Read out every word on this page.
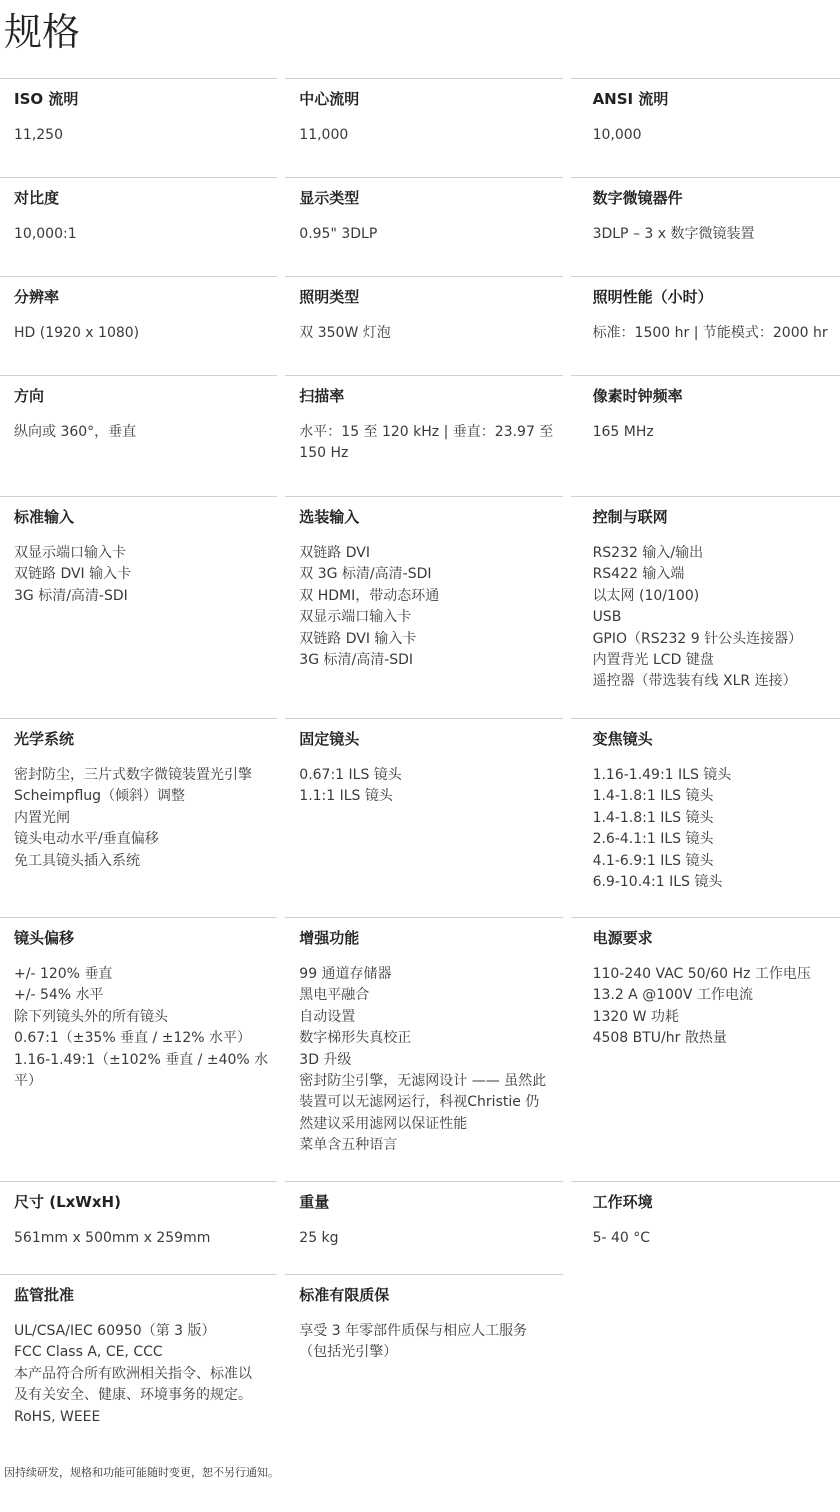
规格
ISO 流明
11,250
中心流明
11,000
ANSI 流明
10,000
对比度
10,000:1
显示类型
0.95" 3DLP
数字微镜器件
3DLP – 3 x 数字微镜装置
分辨率
HD (1920 x 1080)
照明类型
双 350W 灯泡
照明性能（小时）
标准：1500 hr | 节能模式：2000 hr
方向
纵向或 360°，垂直
扫描率
水平：15 至 120 kHz | 垂直：23.97 至
150 Hz
像素时钟频率
165 MHz
标准输入
双显示端口输入卡
双链路 DVI 输入卡
3G 标清/高清-SDI
选装输入
双链路 DVI
双 3G 标清/高清-SDI
双 HDMI，带动态环通
双显示端口输入卡
双链路 DVI 输入卡
3G 标清/高清-SDI
控制与联网
RS232 输入/输出
RS422 输入端
以太网 (10/100)
USB
GPIO（RS232 9 针公头连接器）
内置背光 LCD 键盘
遥控器（带选装有线 XLR 连接）
光学系统
密封防尘，三片式数字微镜装置光引擎
Scheimpflug（倾斜）调整
内置光闸
镜头电动水平/垂直偏移
免工具镜头插入系统
固定镜头
0.67:1 ILS 镜头
1.1:1 ILS 镜头
变焦镜头
1.16-1.49:1 ILS 镜头
1.4-1.8:1 ILS 镜头
1.4-1.8:1 ILS 镜头
2.6-4.1:1 ILS 镜头
4.1-6.9:1 ILS 镜头
6.9-10.4:1 ILS 镜头
镜头偏移
+/- 120% 垂直
+/- 54% 水平
除下列镜头外的所有镜头
0.67:1（±35% 垂直 / ±12% 水平）
1.16-1.49:1（±102% 垂直 / ±40% 水
平）
增强功能
99 通道存储器
黑电平融合
自动设置
数字梯形失真校正
3D 升级
密封防尘引擎，无滤网设计 —— 虽然此
装置可以无滤网运行，科视Christie 仍
然建议采用滤网以保证性能
菜单含五种语言
电源要求
110-240 VAC 50/60 Hz 工作电压
13.2 A @100V 工作电流
1320 W 功耗
4508 BTU/hr 散热量
尺寸 (LxWxH)
561mm x 500mm x 259mm
重量
25 kg
工作环境
5- 40 °C
监管批准
UL/CSA/IEC 60950（第 3 版）
FCC Class A, CE, CCC
本产品符合所有欧洲相关指令、标准以
及有关安全、健康、环境事务的规定。
RoHS, WEEE
标准有限质保
享受 3 年零部件质保与相应人工服务
（包括光引擎）
因持续研发，规格和功能可能随时变更，恕不另行通知。
